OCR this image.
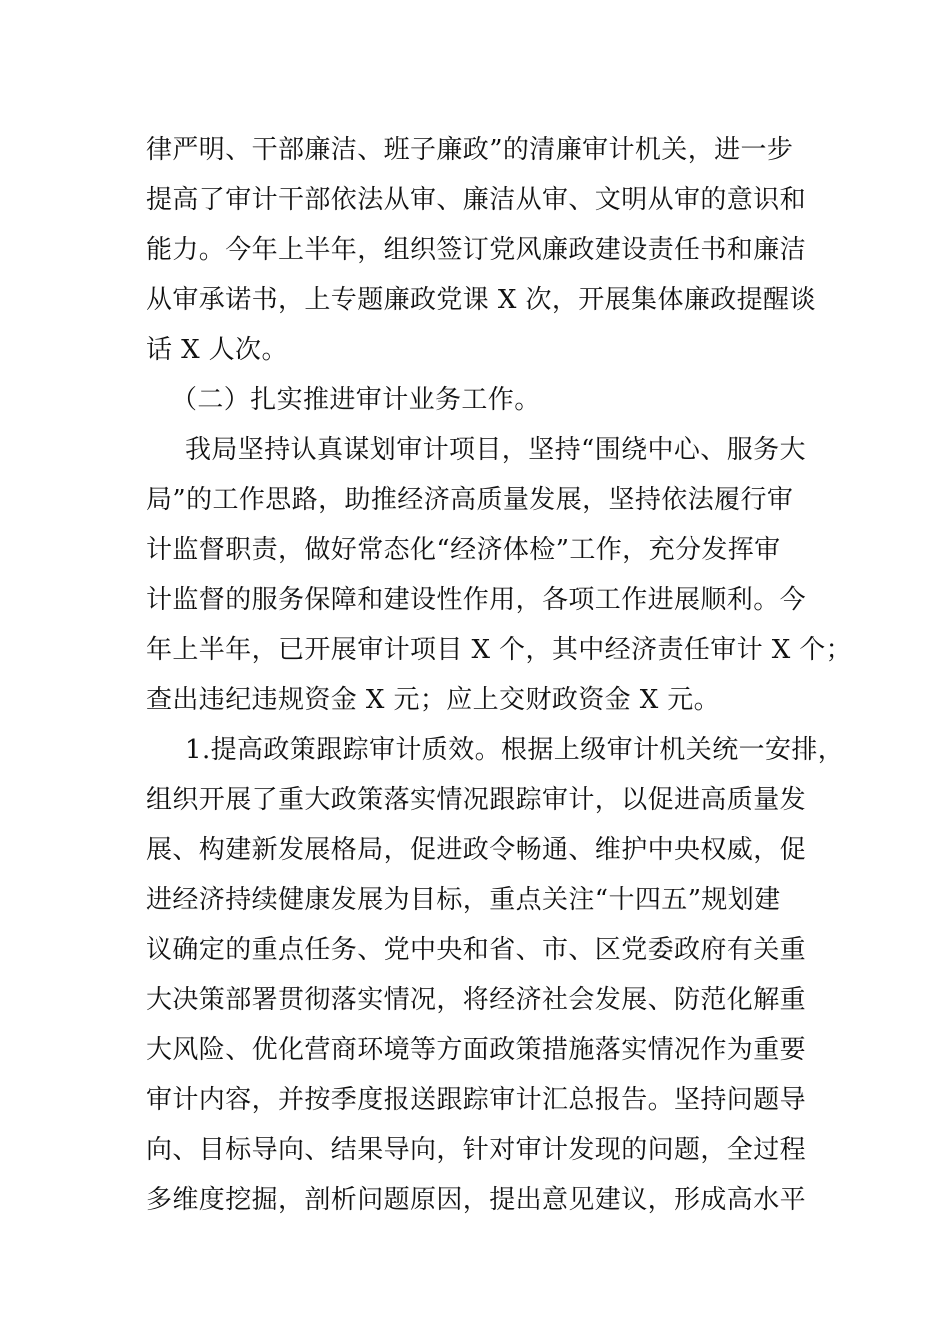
律严明、干部廉洁、班子廉政”的清廉审计机关，进一步
提高了审计干部依法从审、廉洁从审、文明从审的意识和
能力。今年上半年，组织签订党风廉政建设责任书和廉洁
从审承诺书，上专题廉政党课 X 次，开展集体廉政提醒谈
话 X 人次。
（二）扎实推进审计业务工作。
我局坚持认真谋划审计项目，坚持“围绕中心、服务大
局”的工作思路，助推经济高质量发展，坚持依法履行审
计监督职责，做好常态化“经济体检”工作，充分发挥审
计监督的服务保障和建设性作用，各项工作进展顺利。今
年上半年，已开展审计项目 X 个，其中经济责任审计 X 个；
查出违纪违规资金 X 元；应上交财政资金 X 元。
1.提高政策跟踪审计质效。根据上级审计机关统一安排，
组织开展了重大政策落实情况跟踪审计，以促进高质量发
展、构建新发展格局，促进政令畅通、维护中央权威，促
进经济持续健康发展为目标，重点关注“十四五”规划建
议确定的重点任务、党中央和省、市、区党委政府有关重
大决策部署贯彻落实情况，将经济社会发展、防范化解重
大风险、优化营商环境等方面政策措施落实情况作为重要
审计内容，并按季度报送跟踪审计汇总报告。坚持问题导
向、目标导向、结果导向，针对审计发现的问题，全过程
多维度挖掘，剖析问题原因，提出意见建议，形成高水平
